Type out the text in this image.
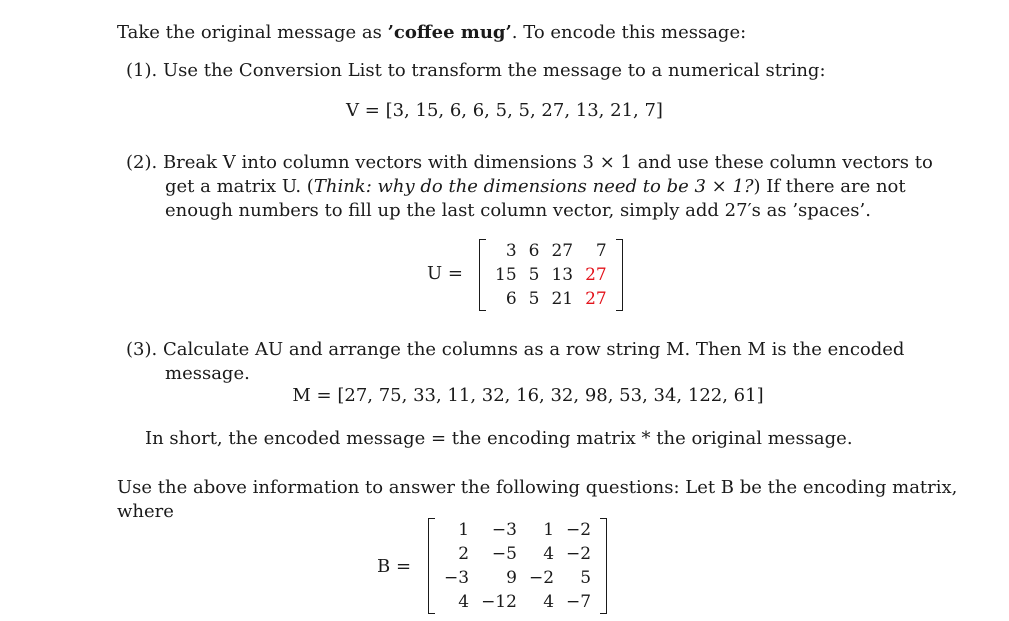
Take the original message as ’coffee mug’. To encode this message:
(1). Use the Conversion List to transform the message to a numerical string:
V = [3, 15, 6, 6, 5, 5, 27, 13, 21, 7]
(2). Break V into column vectors with dimensions 3 × 1 and use these column vectors to
get a matrix U. (Think: why do the dimensions need to be 3 × 1?) If there are not
enough numbers to fill up the last column vector, simply add 27′s as ’spaces’.
U =
3	6	27	7
15	5	13	27
6	5	21	27
(3). Calculate AU and arrange the columns as a row string M. Then M is the encoded
message.
M = [27, 75, 33, 11, 32, 16, 32, 98, 53, 34, 122, 61]
In short, the encoded message = the encoding matrix * the original message.
Use the above information to answer the following questions: Let B be the encoding matrix,
where
B =
1	−3	1	−2
2	−5	4	−2
−3	9	−2	5
4	−12	4	−7
